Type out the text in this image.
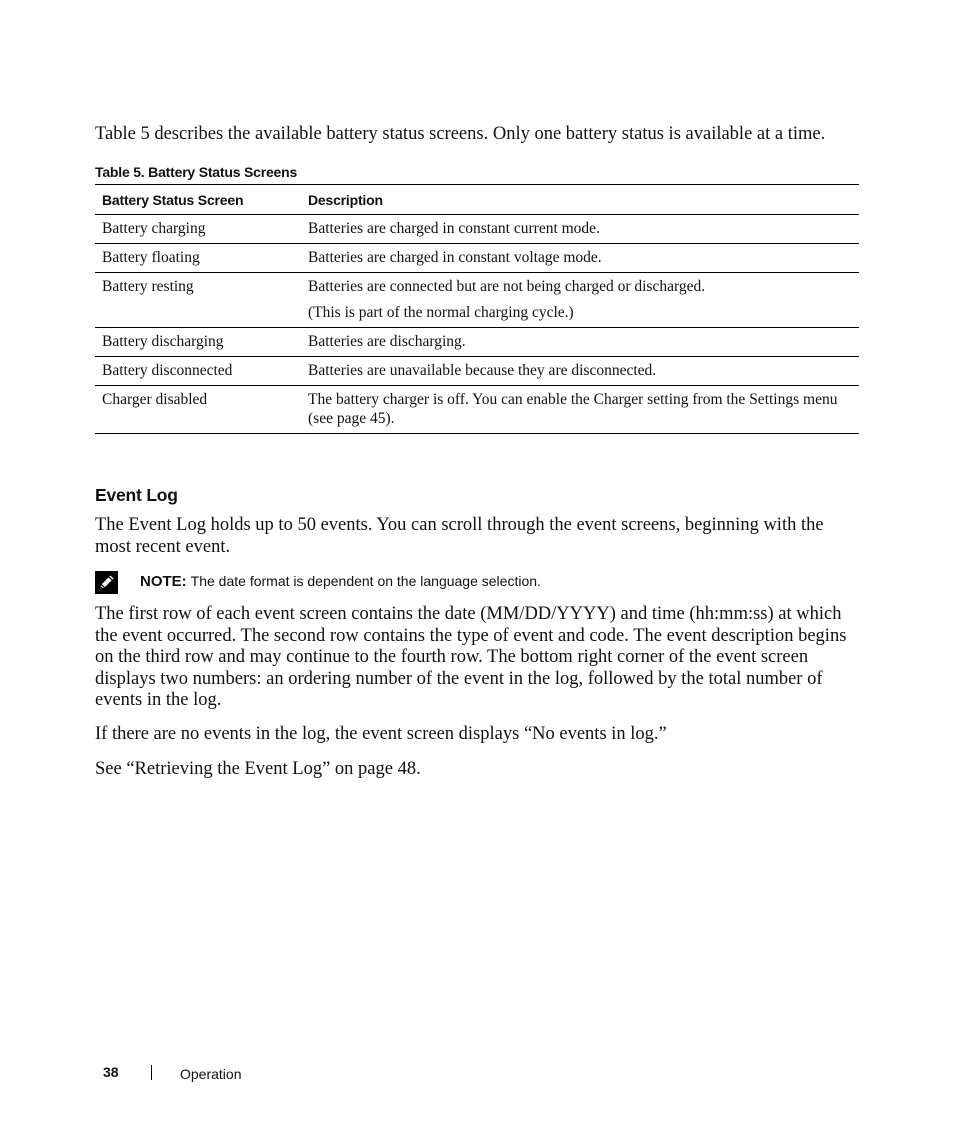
Table 5 describes the available battery status screens. Only one battery status is available at a time.

Table 5. Battery Status Screens

Battery Status Screen	Description
Battery charging	Batteries are charged in constant current mode.

Battery floating	Batteries are charged in constant voltage mode.

Battery resting	Batteries are connected but are not being charged or discharged.

(This is part of the normal charging cycle.)

Battery discharging	Batteries are discharging.

Battery disconnected	Batteries are unavailable because they are disconnected.

Charger disabled	The battery charger is off. You can enable the Charger setting from the Settings menu (see page 45).

Event Log

The Event Log holds up to 50 events. You can scroll through the event screens, beginning with the most recent event.

NOTE: The date format is dependent on the language selection.

The first row of each event screen contains the date (MM/DD/YYYY) and time (hh:mm:ss) at which the event occurred. The second row contains the type of event and code. The event description begins on the third row and may continue to the fourth row. The bottom right corner of the event screen displays two numbers: an ordering number of the event in the log, followed by the total number of events in the log.

If there are no events in the log, the event screen displays “No events in log.”

See “Retrieving the Event Log” on page 48.

38	Operation
